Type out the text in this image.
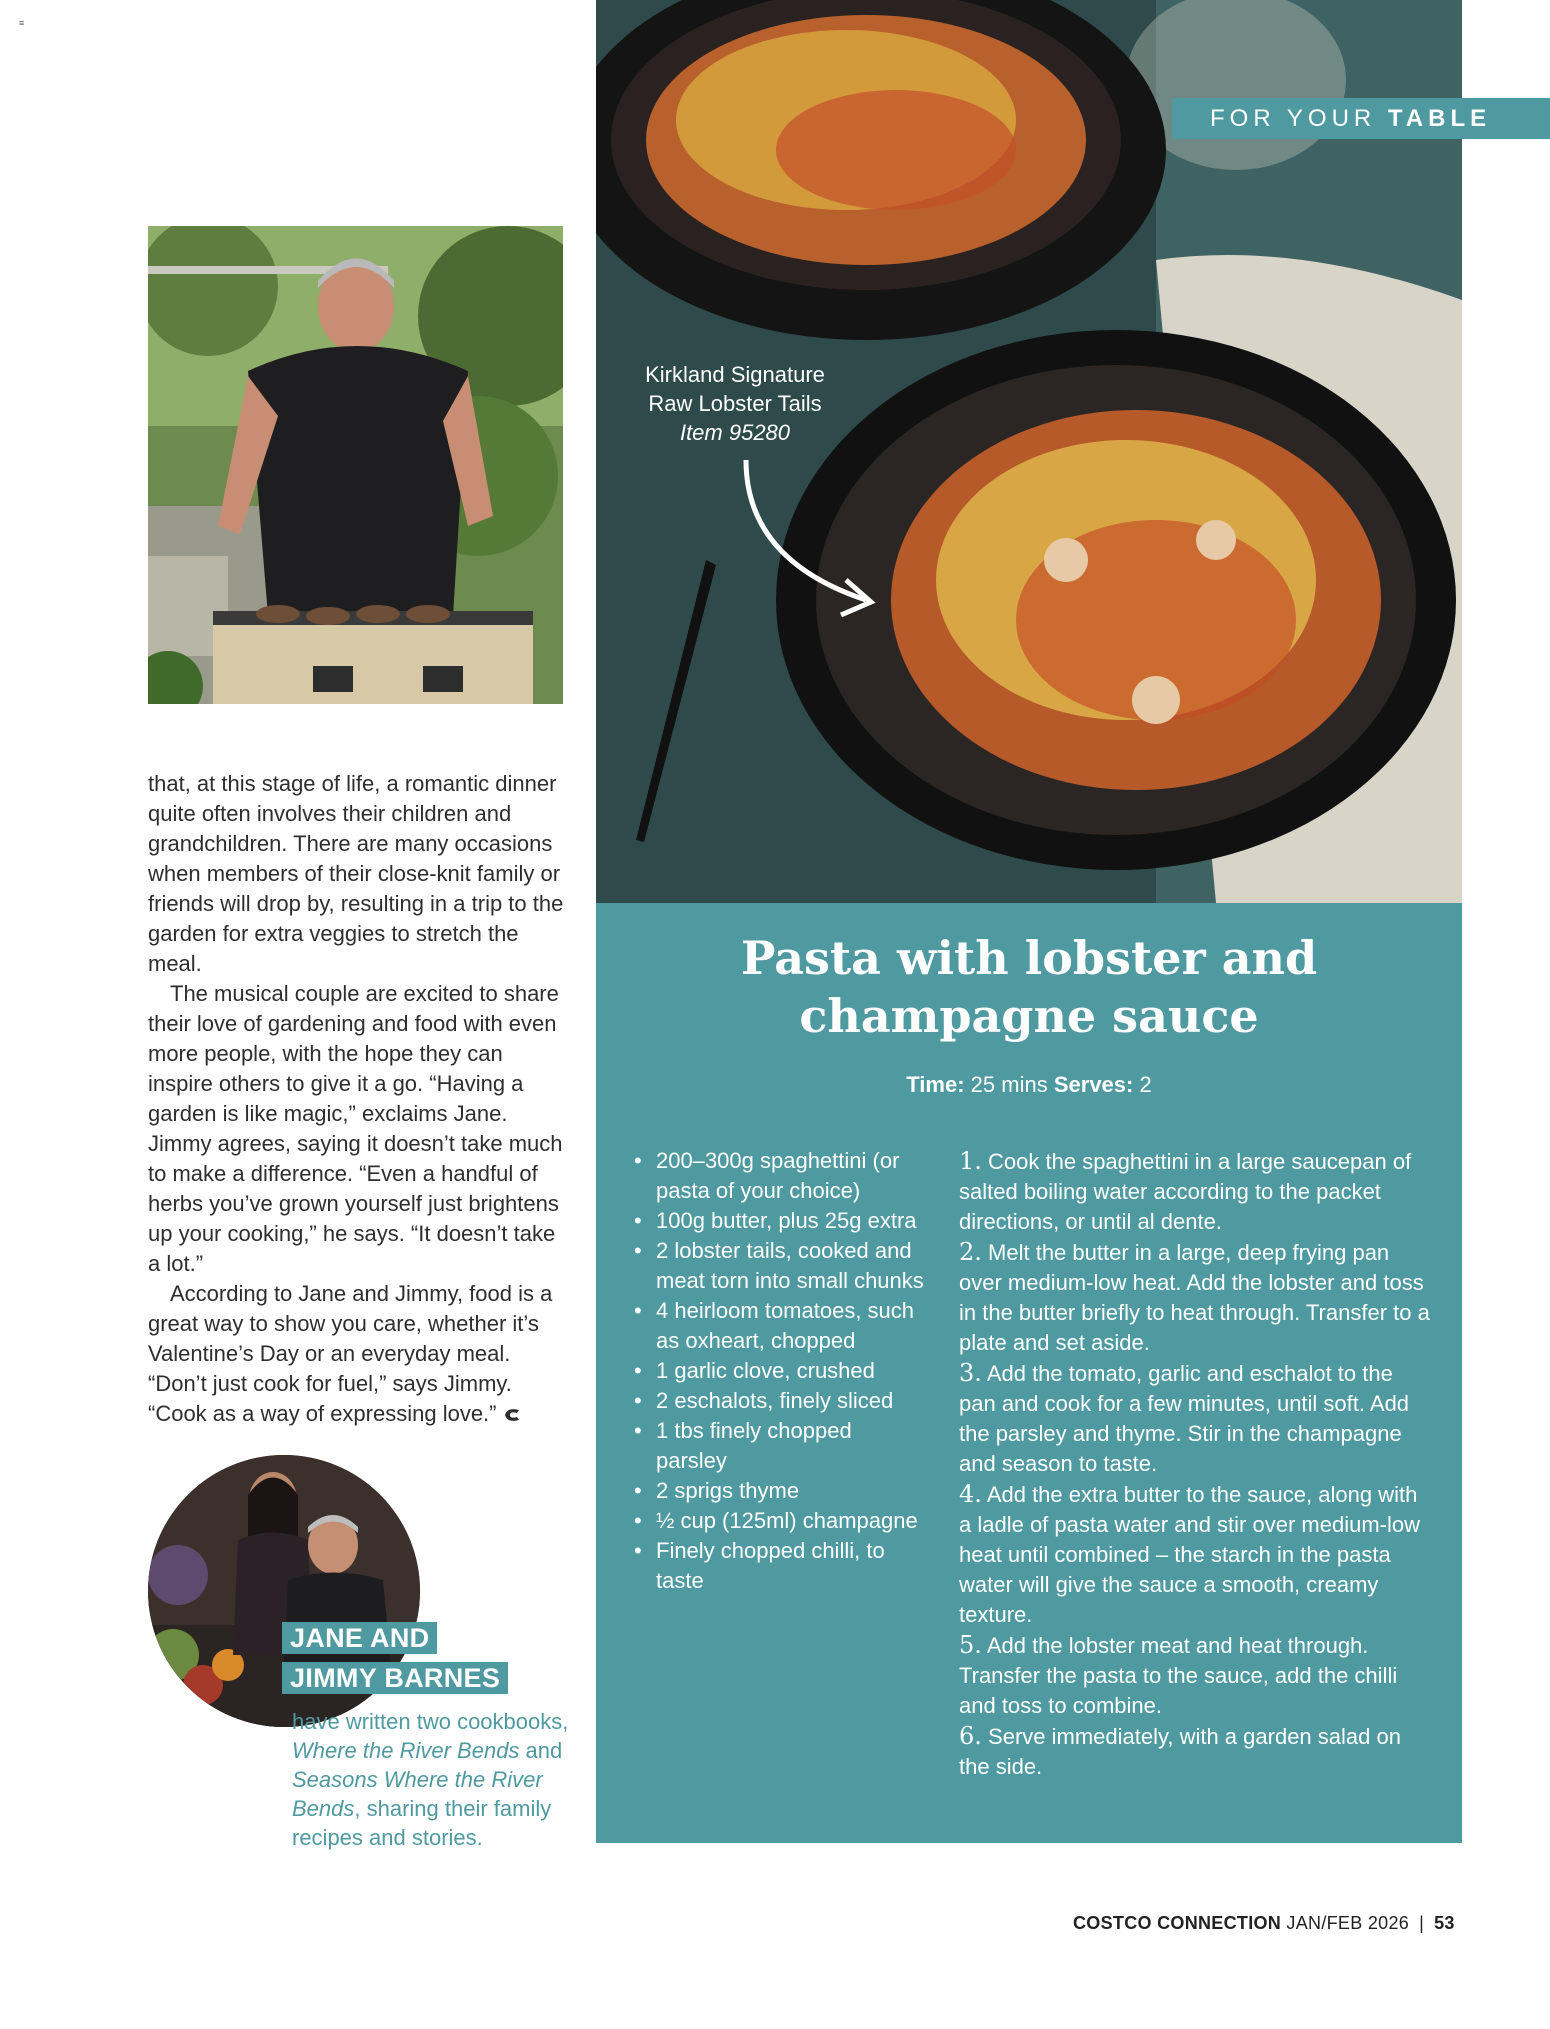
≡

that, at this stage of life, a romantic dinner quite often involves their children and grandchildren. There are many occasions when members of their close-knit family or friends will drop by, resulting in a trip to the garden for extra veggies to stretch the meal.

The musical couple are excited to share their love of gardening and food with even more people, with the hope they can inspire others to give it a go. “Having a garden is like magic,” exclaims Jane. Jimmy agrees, saying it doesn’t take much to make a difference. “Even a handful of herbs you’ve grown yourself just brightens up your cooking,” he says. “It doesn’t take a lot.”

According to Jane and Jimmy, food is a great way to show you care, whether it’s Valentine’s Day or an everyday meal. “Don’t just cook for fuel,” says Jimmy. “Cook as a way of expressing love.”

JANE AND
JIMMY BARNES
have written two cookbooks, Where the River Bends and Seasons Where the River Bends, sharing their family recipes and stories.
Kirkland Signature
Raw Lobster Tails
Item 95280
FOR YOUR TABLE
Pasta with lobster and
champagne sauce
Time: 25 mins Serves: 2
• 200–300g spaghettini (or pasta of your choice)
• 100g butter, plus 25g extra
• 2 lobster tails, cooked and meat torn into small chunks
• 4 heirloom tomatoes, such as oxheart, chopped
• 1 garlic clove, crushed
• 2 eschalots, finely sliced
• 1 tbs finely chopped parsley
• 2 sprigs thyme
• ½ cup (125ml) champagne
• Finely chopped chilli, to taste

1. Cook the spaghettini in a large saucepan of salted boiling water according to the packet directions, or until al dente.

2. Melt the butter in a large, deep frying pan over medium-low heat. Add the lobster and toss in the butter briefly to heat through. Transfer to a plate and set aside.

3. Add the tomato, garlic and eschalot to the pan and cook for a few minutes, until soft. Add the parsley and thyme. Stir in the champagne and season to taste.

4. Add the extra butter to the sauce, along with a ladle of pasta water and stir over medium-low heat until combined – the starch in the pasta water will give the sauce a smooth, creamy texture.

5. Add the lobster meat and heat through. Transfer the pasta to the sauce, add the chilli and toss to combine.

6. Serve immediately, with a garden salad on the side.

COSTCO CONNECTION JAN/FEB 2026 | 53
